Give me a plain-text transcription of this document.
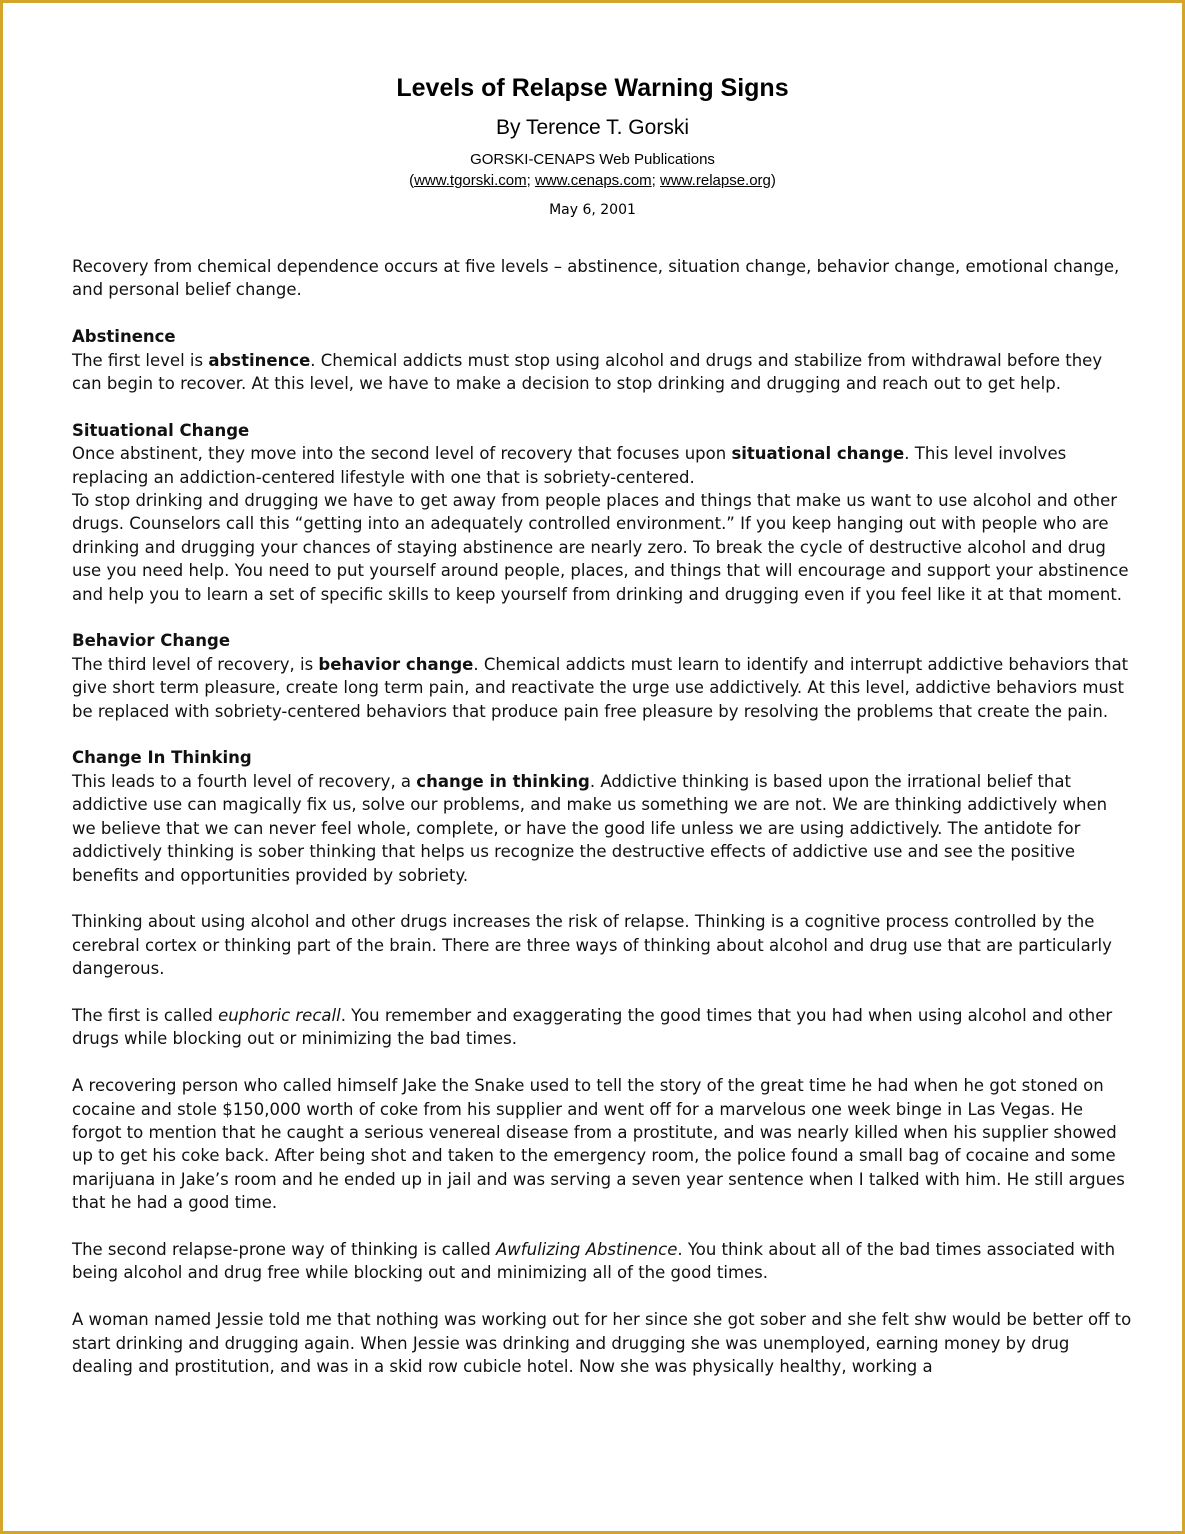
Levels of Relapse Warning Signs
By Terence T. Gorski
GORSKI-CENAPS Web Publications
(www.tgorski.com; www.cenaps.com; www.relapse.org)
May 6, 2001

Recovery from chemical dependence occurs at five levels – abstinence, situation change, behavior change, emotional change, and personal belief change.

Abstinence

The first level is abstinence. Chemical addicts must stop using alcohol and drugs and stabilize from withdrawal before they can begin to recover. At this level, we have to make a decision to stop drinking and drugging and reach out to get help.

Situational Change

Once abstinent, they move into the second level of recovery that focuses upon situational change. This level involves replacing an addiction-centered lifestyle with one that is sobriety-centered.

To stop drinking and drugging we have to get away from people places and things that make us want to use alcohol and other drugs. Counselors call this “getting into an adequately controlled environment.” If you keep hanging out with people who are drinking and drugging your chances of staying abstinence are nearly zero. To break the cycle of destructive alcohol and drug use you need help. You need to put yourself around people, places, and things that will encourage and support your abstinence and help you to learn a set of specific skills to keep yourself from drinking and drugging even if you feel like it at that moment.

Behavior Change

The third level of recovery, is behavior change. Chemical addicts must learn to identify and interrupt addictive behaviors that give short term pleasure, create long term pain, and reactivate the urge use addictively. At this level, addictive behaviors must be replaced with sobriety-centered behaviors that produce pain free pleasure by resolving the problems that create the pain.

Change In Thinking

This leads to a fourth level of recovery, a change in thinking. Addictive thinking is based upon the irrational belief that addictive use can magically fix us, solve our problems, and make us something we are not. We are thinking addictively when we believe that we can never feel whole, complete, or have the good life unless we are using addictively. The antidote for addictively thinking is sober thinking that helps us recognize the destructive effects of addictive use and see the positive benefits and opportunities provided by sobriety.

Thinking about using alcohol and other drugs increases the risk of relapse. Thinking is a cognitive process controlled by the cerebral cortex or thinking part of the brain. There are three ways of thinking about alcohol and drug use that are particularly dangerous.

The first is called euphoric recall. You remember and exaggerating the good times that you had when using alcohol and other drugs while blocking out or minimizing the bad times.

A recovering person who called himself Jake the Snake used to tell the story of the great time he had when he got stoned on cocaine and stole $150,000 worth of coke from his supplier and went off for a marvelous one week binge in Las Vegas. He forgot to mention that he caught a serious venereal disease from a prostitute, and was nearly killed when his supplier showed up to get his coke back. After being shot and taken to the emergency room, the police found a small bag of cocaine and some marijuana in Jake’s room and he ended up in jail and was serving a seven year sentence when I talked with him. He still argues that he had a good time.

The second relapse-prone way of thinking is called Awfulizing Abstinence. You think about all of the bad times associated with being alcohol and drug free while blocking out and minimizing all of the good times.

A woman named Jessie told me that nothing was working out for her since she got sober and she felt shw would be better off to start drinking and drugging again. When Jessie was drinking and drugging she was unemployed, earning money by drug dealing and prostitution, and was in a skid row cubicle hotel. Now she was physically healthy, working a
